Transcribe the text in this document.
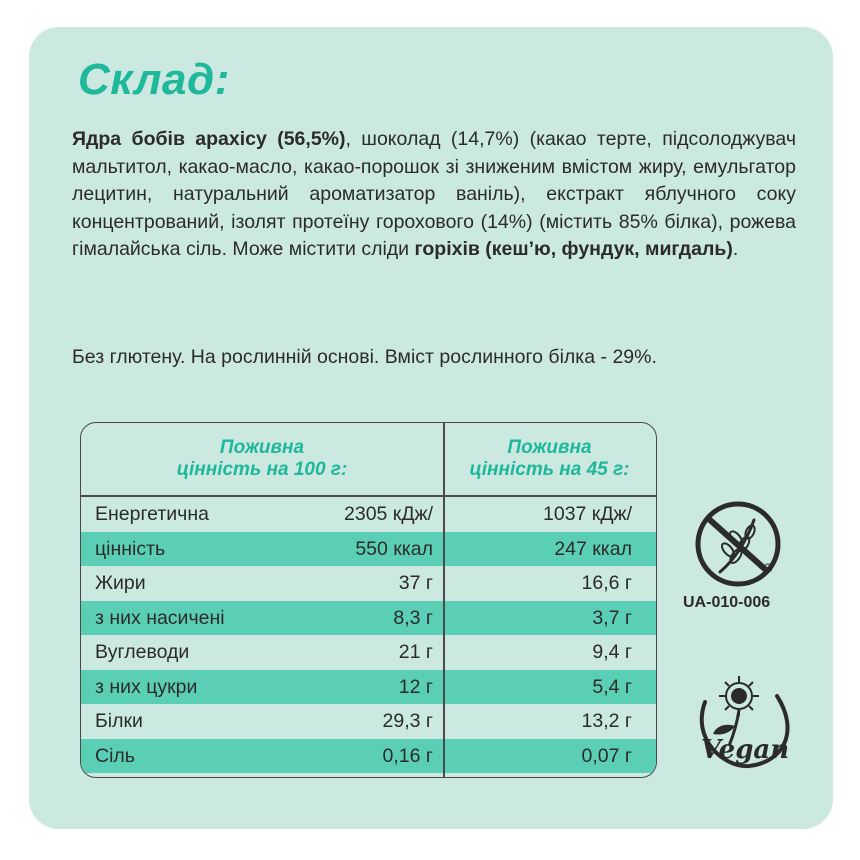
Склад:

Ядра бобів арахісу (56,5%), шоколад (14,7%) (какао терте, підсолоджувач мальтитол, какао-масло, какао-порошок зі зниженим вмістом жиру, емульгатор лецитин, натуральний ароматизатор ваніль), екстракт яблучного соку концентрований, ізолят протеїну горохового (14%) (містить 85% білка), рожева гімалайська сіль. Може містити сліди горіхів (кеш’ю, фундук, мигдаль).

Без глютену. На рослинній основі. Вміст рослинного білка - 29%.

Поживна
цінність на 100 г:
Поживна
цінність на 45 г:
Енергетична	2305 кДж/	1037 кДж/
цінність	550 ккал	247 ккал
Жири	37 г	16,6 г
з них насичені	8,3 г	3,7 г
Вуглеводи	21 г	9,4 г
з них цукри	12 г	5,4 г
Білки	29,3 г	13,2 г
Сіль	0,16 г	0,07 г
UA-010-006
Vegan
